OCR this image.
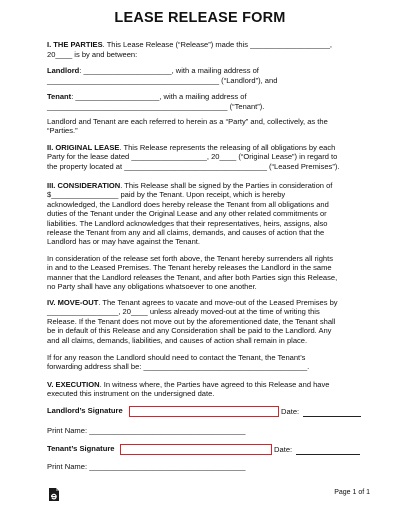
LEASE RELEASE FORM
I. THE PARTIES. This Lease Release (“Release”) made this ___________________,
20____ is by and between:
Landlord: _____________________, with a mailing address of
_________________________________________ (“Landlord”), and
Tenant: ____________________, with a mailing address of
___________________________________________ (“Tenant”).
Landlord and Tenant are each referred to herein as a “Party” and, collectively, as the
“Parties.”
II. ORIGINAL LEASE. This Release represents the releasing of all obligations by each
Party for the lease dated __________________, 20____ (“Original Lease”) in regard to
the property located at __________________________________ (“Leased Premises”).
III. CONSIDERATION. This Release shall be signed by the Parties in consideration of
$________________ paid by the Tenant. Upon receipt, which is hereby
acknowledged, the Landlord does hereby release the Tenant from all obligations and
duties of the Tenant under the Original Lease and any other related commitments or
liabilities. The Landlord acknowledges that their representatives, heirs, assigns, also
release the Tenant from any and all claims, demands, and causes of action that the
Landlord has or may have against the Tenant.
In consideration of the release set forth above, the Tenant hereby surrenders all rights
in and to the Leased Premises. The Tenant hereby releases the Landlord in the same
manner that the Landlord releases the Tenant, and after both Parties sign this Release,
no Party shall have any obligations whatsoever to one another.
IV. MOVE-OUT. The Tenant agrees to vacate and move-out of the Leased Premises by
_________________, 20____ unless already moved-out at the time of writing this
Release. If the Tenant does not move out by the aforementioned date, the Tenant shall
be in default of this Release and any Consideration shall be paid to the Landlord. Any
and all claims, demands, liabilities, and causes of action shall remain in place.
If for any reason the Landlord should need to contact the Tenant, the Tenant’s
forwarding address shall be: _______________________________________.
V. EXECUTION. In witness where, the Parties have agreed to this Release and have
executed this instrument on the undersigned date.
Landlord’s Signature	Date:
Print Name: _____________________________________
Tenant’s Signature	Date:
Print Name: _____________________________________
Page 1 of 1
